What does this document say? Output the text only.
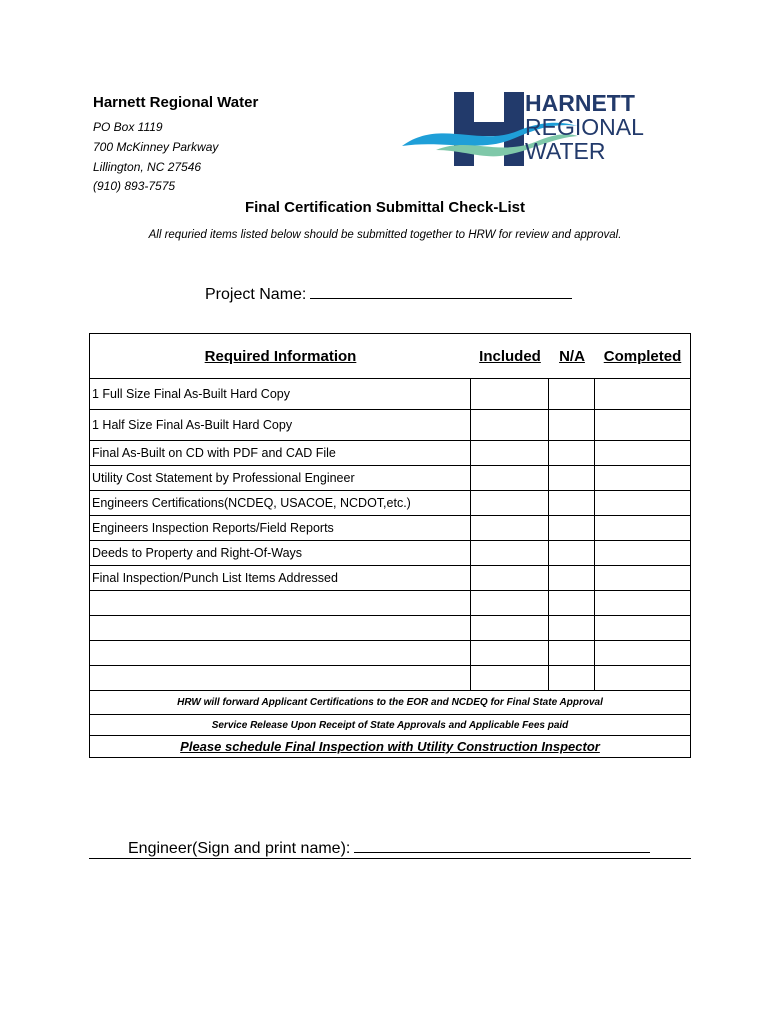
Harnett Regional Water
PO Box 1119
700 McKinney Parkway
Lillington, NC 27546
(910) 893-7575
HARNETT
REGIONAL
WATER
Final Certification Submittal Check-List
All requried items listed below should be submitted together to HRW for review and approval.
Project Name:
Required Information	Included N/A Completed
1 Full Size Final As-Built Hard Copy
1 Half Size Final As-Built Hard Copy
Final As-Built on CD with PDF and CAD File
Utility Cost Statement by Professional Engineer
Engineers Certifications(NCDEQ, USACOE, NCDOT,etc.)
Engineers Inspection Reports/Field Reports
Deeds to Property and Right-Of-Ways
Final Inspection/Punch List Items Addressed
HRW will forward Applicant Certifications to the EOR and NCDEQ for Final State Approval
Service Release Upon Receipt of State Approvals and Applicable Fees paid
Please schedule Final Inspection with Utility Construction Inspector
Engineer(Sign and print name):
